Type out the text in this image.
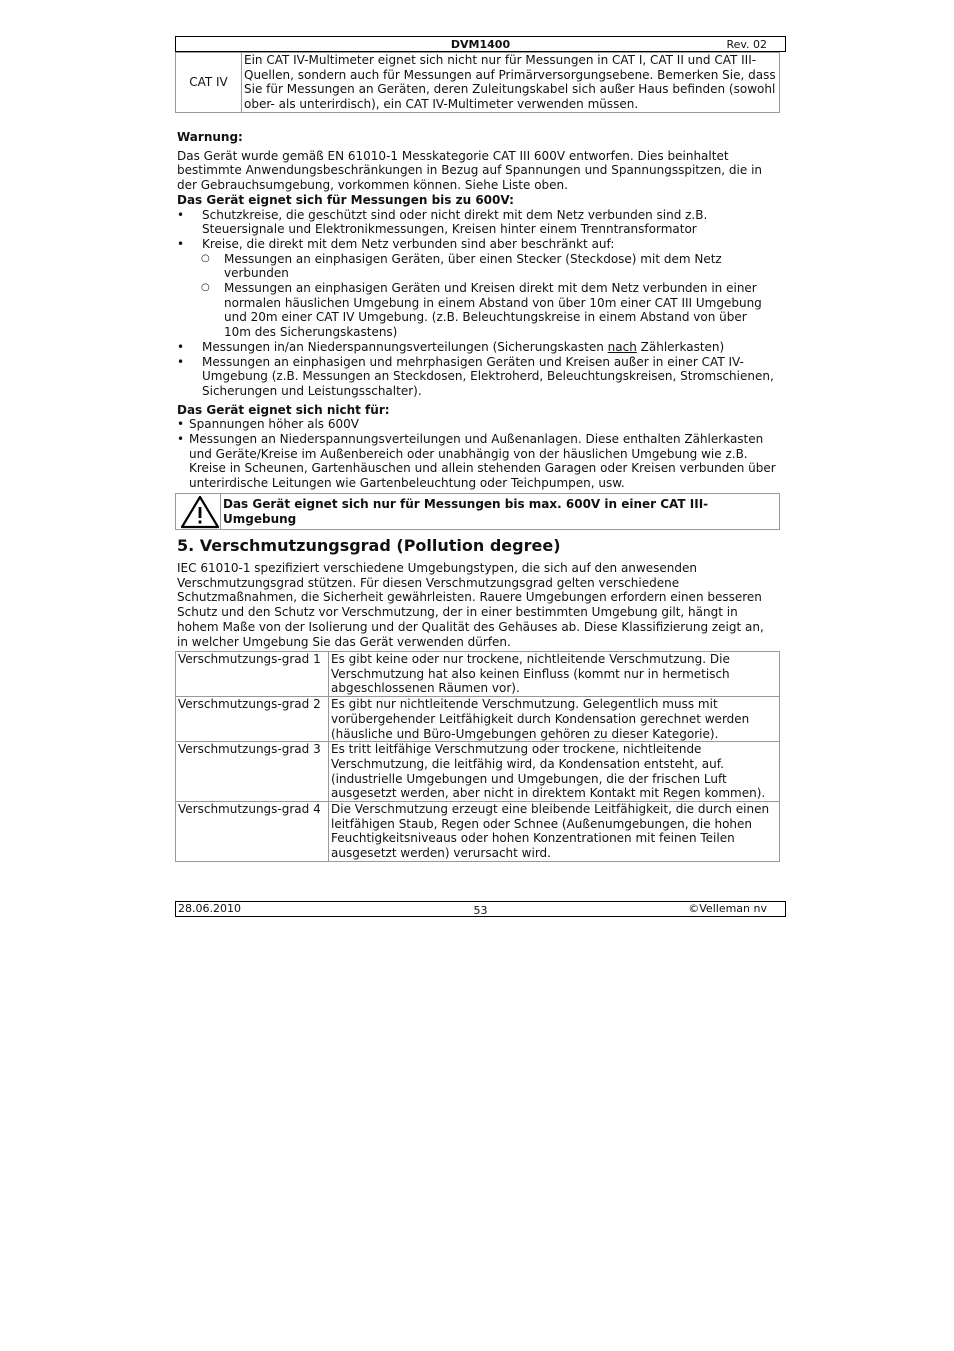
DVM1400	Rev. 02
CAT IV	Ein CAT IV-Multimeter eignet sich nicht nur für Messungen in CAT I, CAT II und CAT III-Quellen, sondern auch für Messungen auf Primärversorgungsebene. Bemerken Sie, dass Sie für Messungen an Geräten, deren Zuleitungskabel sich außer Haus befinden (sowohl ober- als unterirdisch), ein CAT IV-Multimeter verwenden müssen.
Warnung:
Das Gerät wurde gemäß EN 61010-1 Messkategorie CAT III 600V entworfen. Dies beinhaltet bestimmte Anwendungsbeschränkungen in Bezug auf Spannungen und Spannungsspitzen, die in der Gebrauchsumgebung, vorkommen können. Siehe Liste oben.
Das Gerät eignet sich für Messungen bis zu 600V:
• Schutzkreise, die geschützt sind oder nicht direkt mit dem Netz verbunden sind z.B. Steuersignale und Elektronikmessungen, Kreisen hinter einem Trenntransformator
• Kreise, die direkt mit dem Netz verbunden sind aber beschränkt auf:
○ Messungen an einphasigen Geräten, über einen Stecker (Steckdose) mit dem Netz verbunden
○ Messungen an einphasigen Geräten und Kreisen direkt mit dem Netz verbunden in einer normalen häuslichen Umgebung in einem Abstand von über 10m einer CAT III Umgebung und 20m einer CAT IV Umgebung. (z.B. Beleuchtungskreise in einem Abstand von über 10m des Sicherungskastens)
• Messungen in/an Niederspannungsverteilungen (Sicherungskasten nach Zählerkasten)
• Messungen an einphasigen und mehrphasigen Geräten und Kreisen außer in einer CAT IV-Umgebung (z.B. Messungen an Steckdosen, Elektroherd, Beleuchtungskreisen, Stromschienen, Sicherungen und Leistungsschalter).
Das Gerät eignet sich nicht für:
• Spannungen höher als 600V
• Messungen an Niederspannungsverteilungen und Außenanlagen. Diese enthalten Zählerkasten und Geräte/Kreise im Außenbereich oder unabhängig von der häuslichen Umgebung wie z.B. Kreise in Scheunen, Gartenhäuschen und allein stehenden Garagen oder Kreisen verbunden über unterirdische Leitungen wie Gartenbeleuchtung oder Teichpumpen, usw.
Das Gerät eignet sich nur für Messungen bis max. 600V in einer CAT III-Umgebung
5. Verschmutzungsgrad (Pollution degree)
IEC 61010-1 spezifiziert verschiedene Umgebungstypen, die sich auf den anwesenden Verschmutzungsgrad stützen. Für diesen Verschmutzungsgrad gelten verschiedene Schutzmaßnahmen, die Sicherheit gewährleisten. Rauere Umgebungen erfordern einen besseren Schutz und den Schutz vor Verschmutzung, der in einer bestimmten Umgebung gilt, hängt in hohem Maße von der Isolierung und der Qualität des Gehäuses ab. Diese Klassifizierung zeigt an, in welcher Umgebung Sie das Gerät verwenden dürfen.
Verschmutzungs-grad 1	Es gibt keine oder nur trockene, nichtleitende Verschmutzung. Die Verschmutzung hat also keinen Einfluss (kommt nur in hermetisch abgeschlossenen Räumen vor).
Verschmutzungs-grad 2	Es gibt nur nichtleitende Verschmutzung. Gelegentlich muss mit vorübergehender Leitfähigkeit durch Kondensation gerechnet werden (häusliche und Büro-Umgebungen gehören zu dieser Kategorie).
Verschmutzungs-grad 3	Es tritt leitfähige Verschmutzung oder trockene, nichtleitende Verschmutzung, die leitfähig wird, da Kondensation entsteht, auf. (industrielle Umgebungen und Umgebungen, die der frischen Luft ausgesetzt werden, aber nicht in direktem Kontakt mit Regen kommen).
Verschmutzungs-grad 4	Die Verschmutzung erzeugt eine bleibende Leitfähigkeit, die durch einen leitfähigen Staub, Regen oder Schnee (Außenumgebungen, die hohen Feuchtigkeitsniveaus oder hohen Konzentrationen mit feinen Teilen ausgesetzt werden) verursacht wird.
28.06.2010	53	©Velleman nv
